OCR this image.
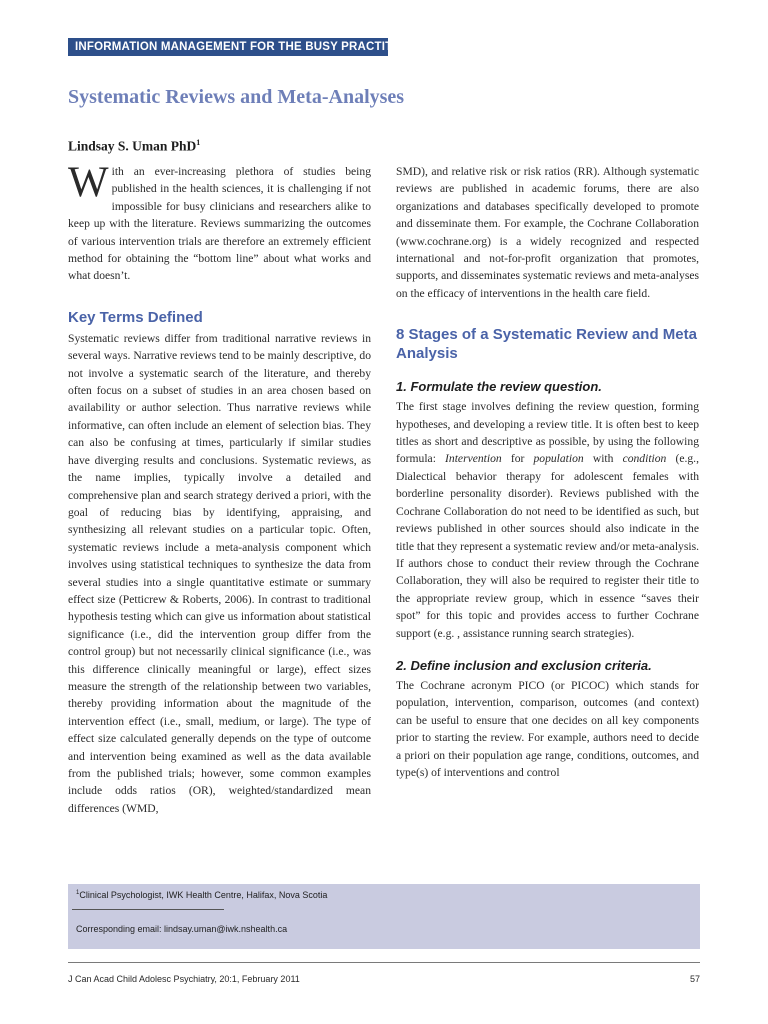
INFORMATION MANAGEMENT FOR THE BUSY PRACTITIONER
Systematic Reviews and Meta-Analyses
Lindsay S. Uman PhD$^1$

With an ever-increasing plethora of studies being published in the health sciences, it is challenging if not impossible for busy clinicians and researchers alike to keep up with the literature. Reviews summarizing the outcomes of various intervention trials are therefore an extremely efficient method for obtaining the “bottom line” about what works and what doesn’t.

Key Terms Defined

Systematic reviews differ from traditional narrative reviews in several ways. Narrative reviews tend to be mainly descriptive, do not involve a systematic search of the literature, and thereby often focus on a subset of studies in an area chosen based on availability or author selection. Thus narrative reviews while informative, can often include an element of selection bias. They can also be confusing at times, particularly if similar studies have diverging results and conclusions. Systematic reviews, as the name implies, typically involve a detailed and comprehensive plan and search strategy derived a priori, with the goal of reducing bias by identifying, appraising, and synthesizing all relevant studies on a particular topic. Often, systematic reviews include a meta-analysis component which involves using statistical techniques to synthesize the data from several studies into a single quantitative estimate or summary effect size (Petticrew & Roberts, 2006). In contrast to traditional hypothesis testing which can give us information about statistical significance (i.e., did the intervention group differ from the control group) but not necessarily clinical significance (i.e., was this difference clinically meaningful or large), effect sizes measure the strength of the relationship between two variables, thereby providing information about the magnitude of the intervention effect (i.e., small, medium, or large). The type of effect size calculated generally depends on the type of outcome and intervention being examined as well as the data available from the published trials; however, some common examples include odds ratios (OR), weighted/standardized mean differences (WMD,

SMD), and relative risk or risk ratios (RR). Although systematic reviews are published in academic forums, there are also organizations and databases specifically developed to promote and disseminate them. For example, the Cochrane Collaboration (www.cochrane.org) is a widely recognized and respected international and not-for-profit organization that promotes, supports, and disseminates systematic reviews and meta-analyses on the efficacy of interventions in the health care field.

8 Stages of a Systematic Review and Meta Analysis
1. Formulate the review question.

The first stage involves defining the review question, forming hypotheses, and developing a review title. It is often best to keep titles as short and descriptive as possible, by using the following formula: Intervention for population with condition (e.g., Dialectical behavior therapy for adolescent females with borderline personality disorder). Reviews published with the Cochrane Collaboration do not need to be identified as such, but reviews published in other sources should also indicate in the title that they represent a systematic review and/or meta-analysis. If authors chose to conduct their review through the Cochrane Collaboration, they will also be required to register their title to the appropriate review group, which in essence “saves their spot” for this topic and provides access to further Cochrane support (e.g. , assistance running search strategies).

2. Define inclusion and exclusion criteria.

The Cochrane acronym PICO (or PICOC) which stands for population, intervention, comparison, outcomes (and context) can be useful to ensure that one decides on all key components prior to starting the review. For example, authors need to decide a priori on their population age range, conditions, outcomes, and type(s) of interventions and control

$^1$Clinical Psychologist, IWK Health Centre, Halifax, Nova Scotia
Corresponding email: lindsay.uman@iwk.nshealth.ca
J Can Acad Child Adolesc Psychiatry, 20:1, February 2011	57
